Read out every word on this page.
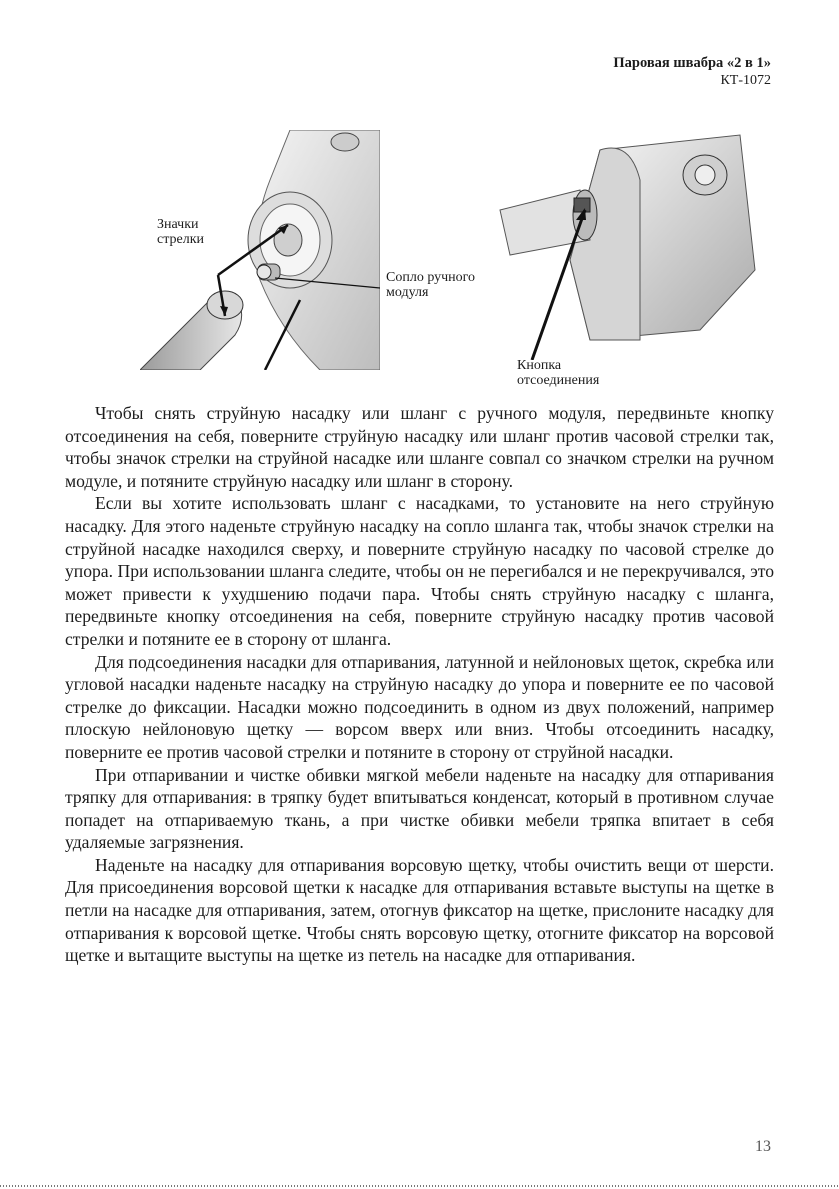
Паровая швабра «2 в 1»
КТ-1072
Значки
стрелки
Сопло ручного
модуля
Кнопка
отсоединения

Чтобы снять струйную насадку или шланг с ручного модуля, передвиньте кнопку отсоединения на себя, поверните струйную насадку или шланг против часовой стрелки так, чтобы значок стрелки на струйной насадке или шланге совпал со значком стрелки на ручном модуле, и потяните струйную насадку или шланг в сторону.

Если вы хотите использовать шланг с насадками, то установите на него струйную насадку. Для этого наденьте струйную насадку на сопло шланга так, чтобы значок стрелки на струйной насадке находился сверху, и поверните струйную насадку по часовой стрелке до упора. При использовании шланга следите, чтобы он не перегибался и не перекручивался, это может привести к ухудшению подачи пара. Чтобы снять струйную насадку с шланга, передвиньте кнопку отсоединения на себя, поверните струйную насадку против часовой стрелки и потяните ее в сторону от шланга.

Для подсоединения насадки для отпаривания, латунной и нейлоновых щеток, скребка или угловой насадки наденьте насадку на струйную насадку до упора и поверните ее по часовой стрелке до фиксации. Насадки можно подсоединить в одном из двух положений, например плоскую нейлоновую щетку — ворсом вверх или вниз. Чтобы отсоединить насадку, поверните ее против часовой стрелки и потяните в сторону от струйной насадки.

При отпаривании и чистке обивки мягкой мебели наденьте на насадку для отпаривания тряпку для отпаривания: в тряпку будет впитываться конденсат, который в противном случае попадет на отпариваемую ткань, а при чистке обивки мебели тряпка впитает в себя удаляемые загрязнения.

Наденьте на насадку для отпаривания ворсовую щетку, чтобы очистить вещи от шерсти. Для присоединения ворсовой щетки к насадке для отпаривания вставьте выступы на щетке в петли на насадке для отпаривания, затем, отогнув фиксатор на щетке, прислоните насадку для отпаривания к ворсовой щетке. Чтобы снять ворсовую щетку, отогните фиксатор на ворсовой щетке и вытащите выступы на щетке из петель на насадке для отпаривания.

13
